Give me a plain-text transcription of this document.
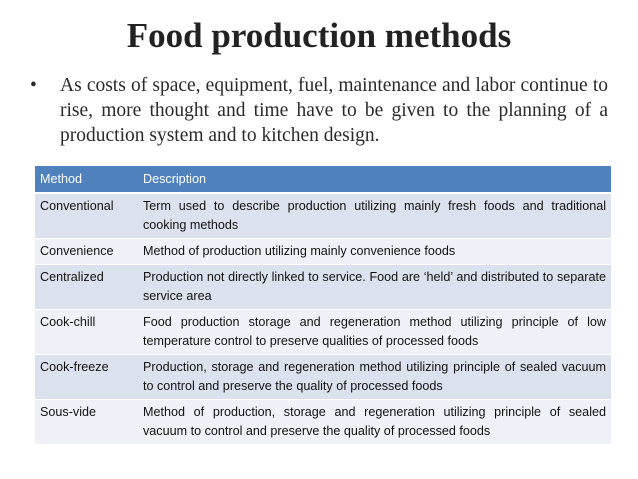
Food production methods
•	As costs of space, equipment, fuel, maintenance and labor continue to rise, more thought and time have to be given to the planning of a production system and to kitchen design.
Method	Description
Conventional	Term used to describe production utilizing mainly fresh foods and traditional cooking methods
Convenience	Method of production utilizing mainly convenience foods
Centralized	Production not directly linked to service. Food are ‘held’ and distributed to separate service area
Cook-chill	Food production storage and regeneration method utilizing principle of low temperature control to preserve qualities of processed foods
Cook-freeze	Production, storage and regeneration method utilizing principle of sealed vacuum to control and preserve the quality of processed foods
Sous-vide	Method of production, storage and regeneration utilizing principle of sealed vacuum to control and preserve the quality of processed foods
